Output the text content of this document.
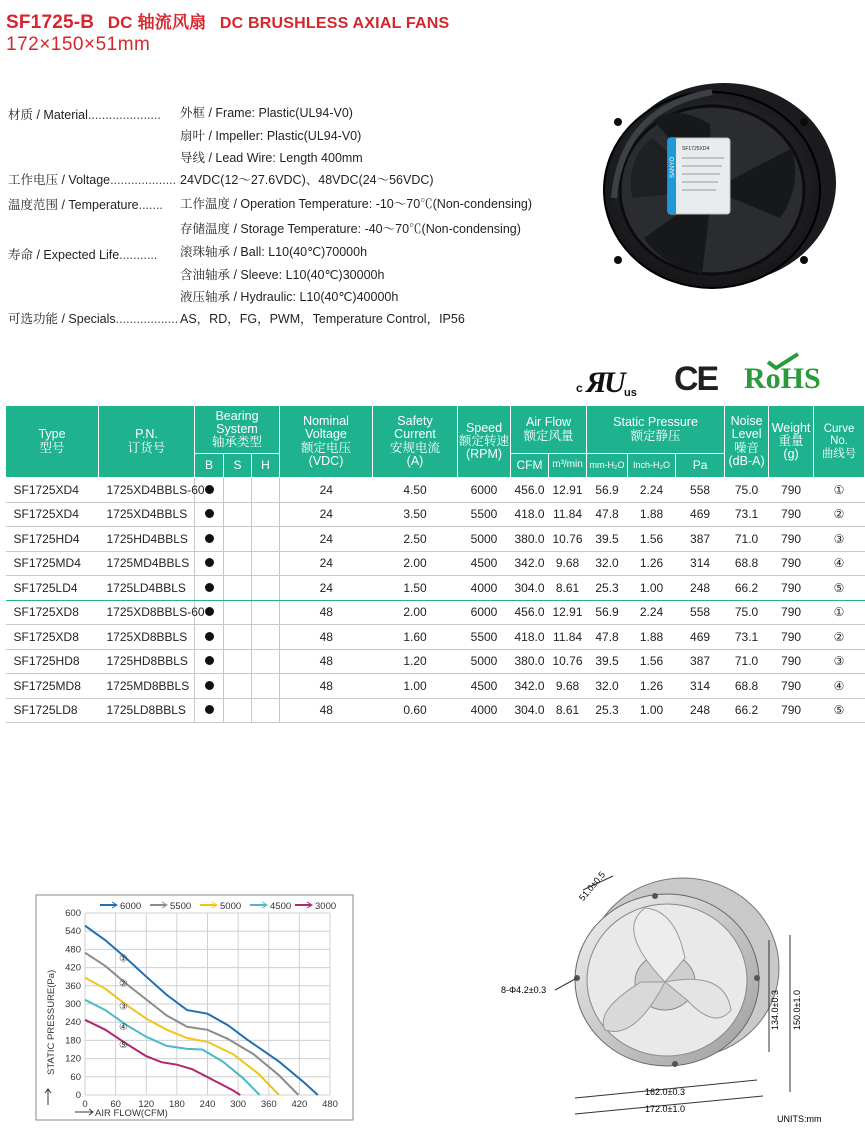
SF1725-B DC 轴流风扇 DC BRUSHLESS AXIAL FANS
172×150×51mm
材质 / Material..................... 外框 / Frame: Plastic(UL94-V0)
扇叶 / Impeller: Plastic(UL94-V0)
导线 / Lead Wire: Length 400mm
工作电压 / Voltage................... 24VDC(12～27.6VDC)、48VDC(24～56VDC)
温度范围 / Temperature....... 工作温度 / Operation Temperature: -10～70℃(Non-condensing)
存储温度 / Storage Temperature: -40～70℃(Non-condensing)
寿命 / Expected Life........... 滚珠轴承 / Ball: L10(40℃)70000h
含油轴承 / Sleeve: L10(40℃)30000h
液压轴承 / Hydraulic: L10(40℃)40000h
可选功能 / Specials.................. AS，RD，FG，PWM，Temperature Control，IP56
SF1725XD4
SANYO
c Я
U
us CE RoHS
Type
型号	P.N.
订货号	Bearing
System
轴承类型			Nominal
Voltage
额定电压
(VDC)	Safety
Current
安规电流
(A)	Speed
额定转速
(RPM)	Air Flow
额定风量		Static Pressure
额定静压			Noise
Level
噪音
(dB-A)	Weight
重量
(g)	Curve No.
曲线号
		B	S	H				CFM	m³/min	mm-H₂O	Inch-H₂O	Pa			
SF1725XD4	1725XD4BBLS-60				24	4.50	6000	456.0	12.91	56.9	2.24	558	75.0	790	①
SF1725XD4	1725XD4BBLS				24	3.50	5500	418.0	11.84	47.8	1.88	469	73.1	790	②
SF1725HD4	1725HD4BBLS				24	2.50	5000	380.0	10.76	39.5	1.56	387	71.0	790	③
SF1725MD4	1725MD4BBLS				24	2.00	4500	342.0	9.68	32.0	1.26	314	68.8	790	④
SF1725LD4	1725LD4BBLS				24	1.50	4000	304.0	8.61	25.3	1.00	248	66.2	790	⑤
SF1725XD8	1725XD8BBLS-60				48	2.00	6000	456.0	12.91	56.9	2.24	558	75.0	790	①
SF1725XD8	1725XD8BBLS				48	1.60	5500	418.0	11.84	47.8	1.88	469	73.1	790	②
SF1725HD8	1725HD8BBLS				48	1.20	5000	380.0	10.76	39.5	1.56	387	71.0	790	③
SF1725MD8	1725MD8BBLS				48	1.00	4500	342.0	9.68	32.0	1.26	314	68.8	790	④
SF1725LD8	1725LD8BBLS				48	0.60	4000	304.0	8.61	25.3	1.00	248	66.2	790	⑤
6000	5500	5000	4500	3000
①
②
③
④
⑤
0 60 120 180 240 300 360 420 480
0
60
120
180
240
300
360
420
480
540
600
STATIC PRESSURE(Pa)
AIR FLOW(CFM)
51.0±0.5
8-Φ4.2±0.3
134.0±0.3 150.0±1.0
162.0±0.3
172.0±1.0
UNITS:mm
